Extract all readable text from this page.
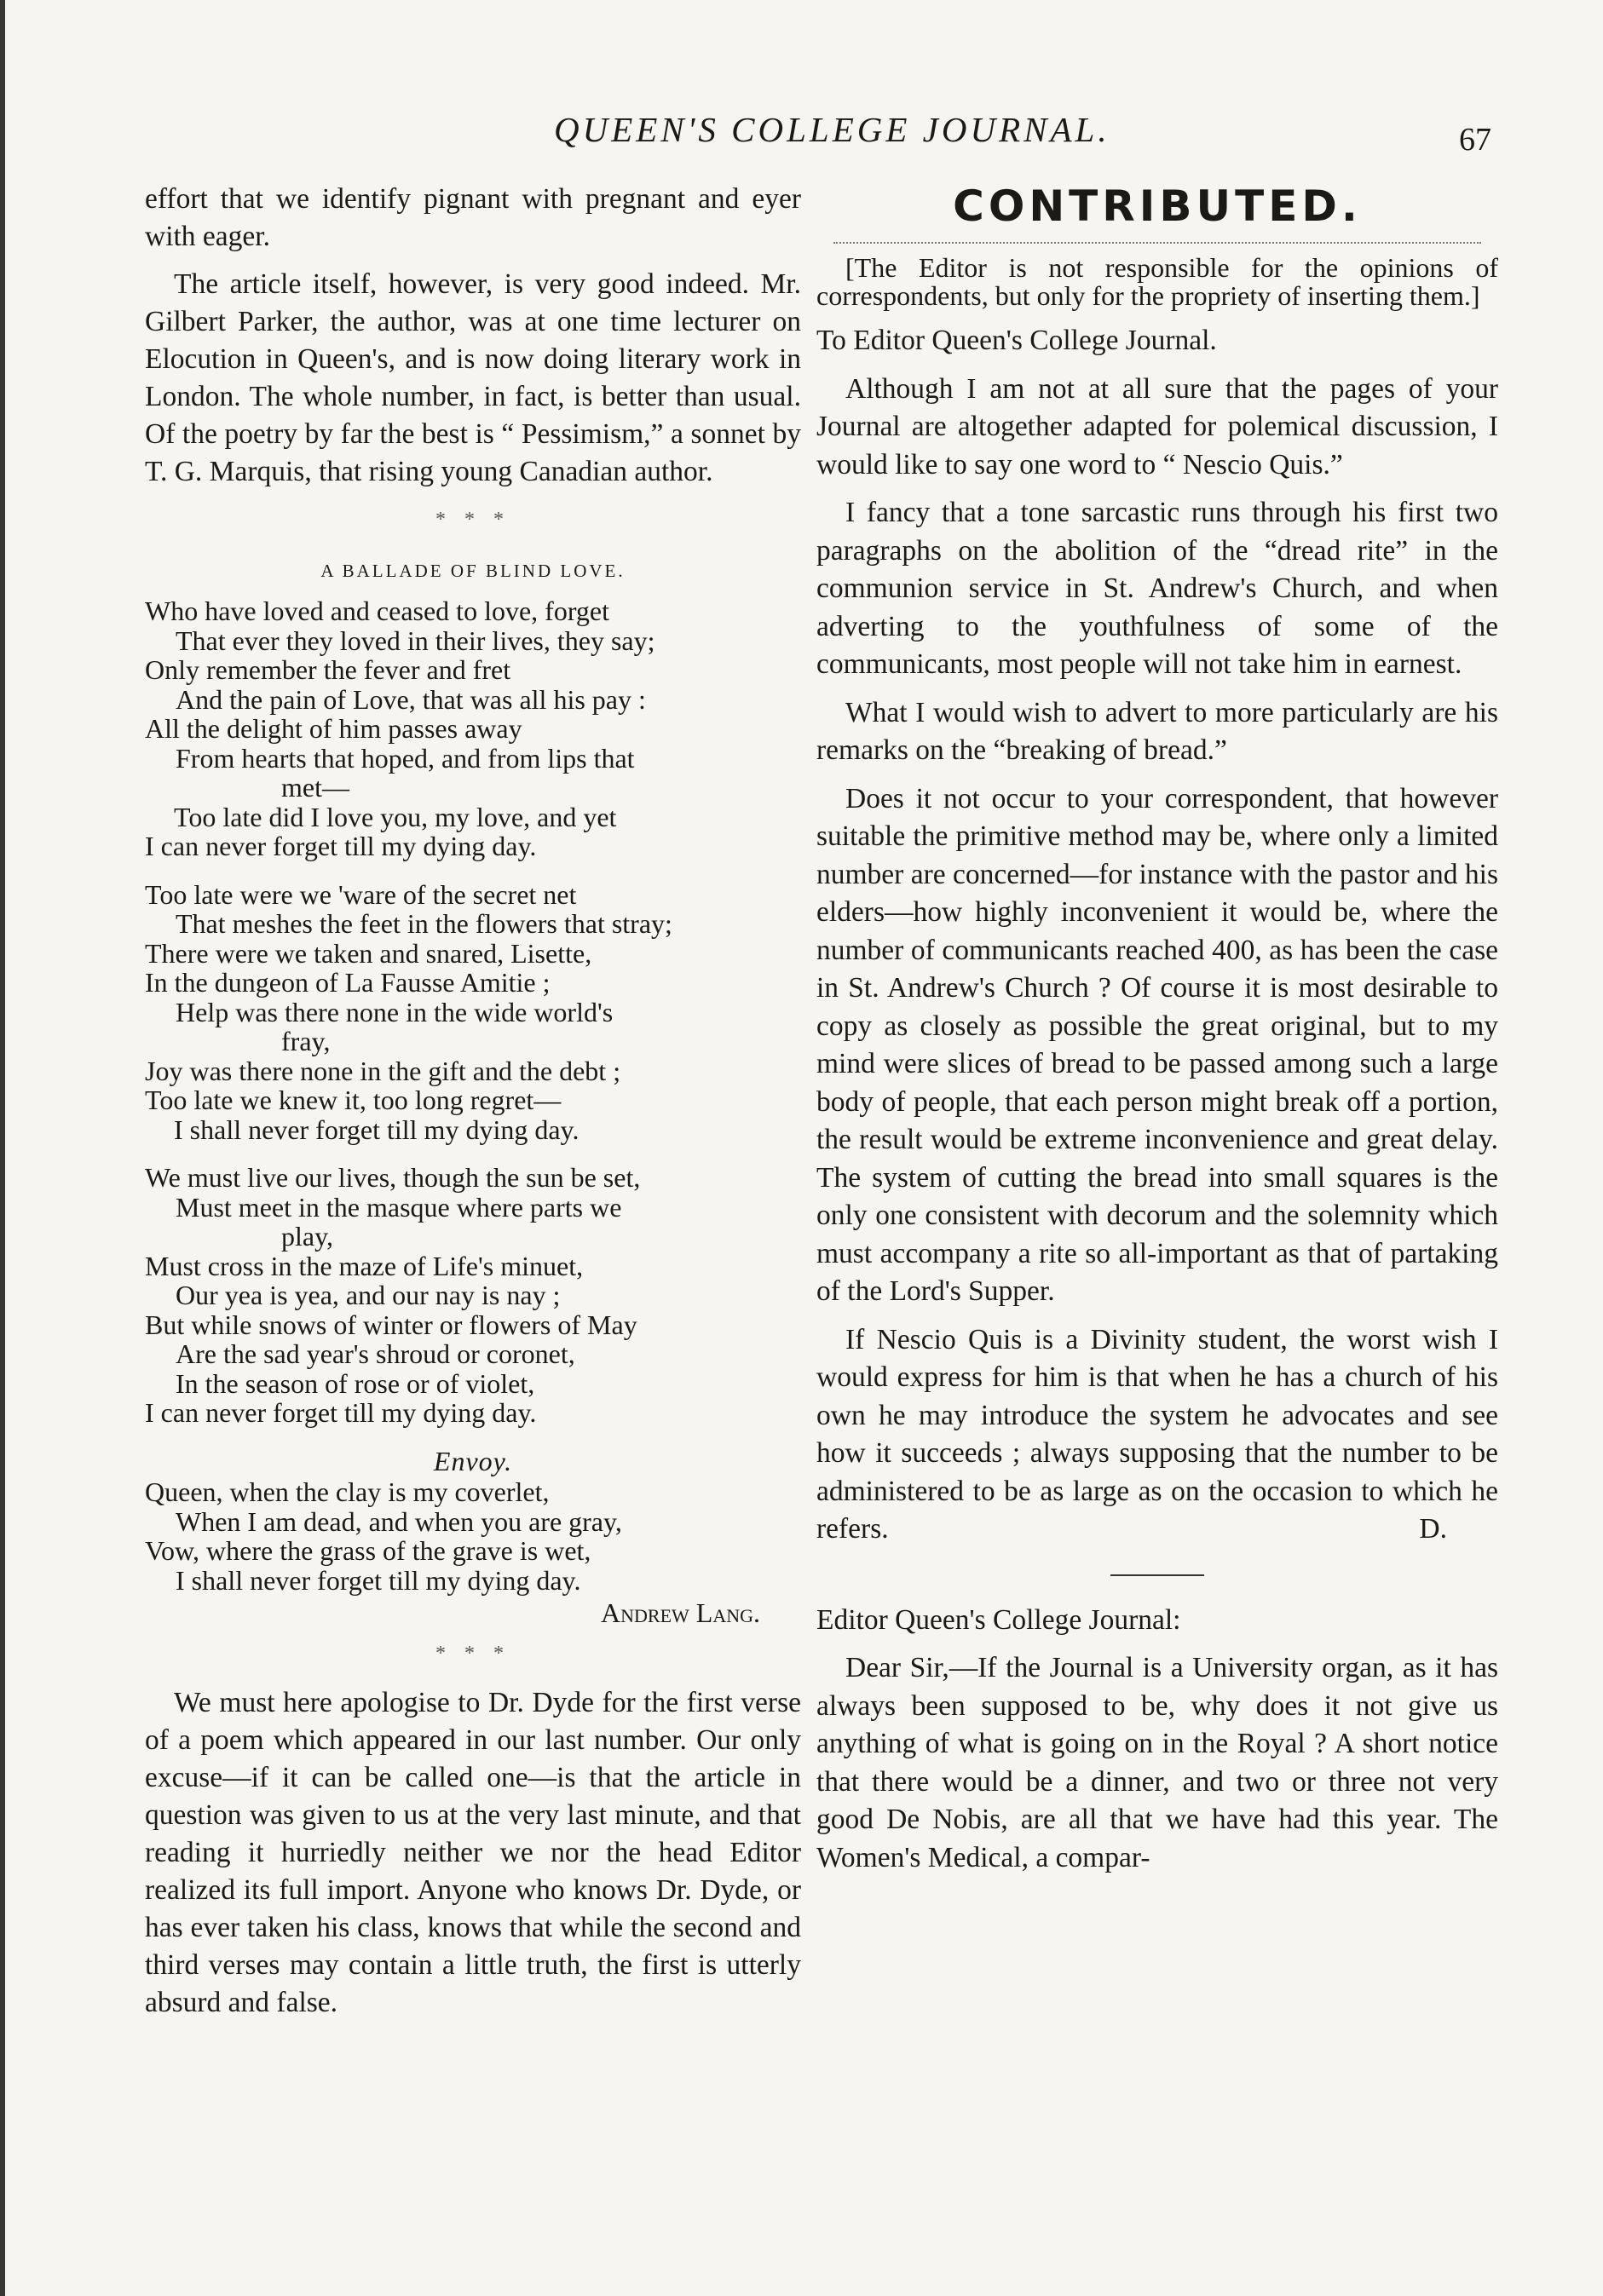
QUEEN'S COLLEGE JOURNAL.	67

effort that we identify pignant with pregnant and eyer with eager.

The article itself, however, is very good indeed. Mr. Gilbert Parker, the author, was at one time lecturer on Elocution in Queen's, and is now doing literary work in London. The whole number, in fact, is better than usual. Of the poetry by far the best is “ Pessimism,” a sonnet by T. G. Marquis, that rising young Canadian author.

* * *
A BALLADE OF BLIND LOVE.
Who have loved and ceased to love, forget
That ever they loved in their lives, they say;
Only remember the fever and fret
And the pain of Love, that was all his pay :
All the delight of him passes away
From hearts that hoped, and from lips that
met—
Too late did I love you, my love, and yet
I can never forget till my dying day.
Too late were we 'ware of the secret net
That meshes the feet in the flowers that stray;
There were we taken and snared, Lisette,
In the dungeon of La Fausse Amitie ;
Help was there none in the wide world's
fray,
Joy was there none in the gift and the debt ;
Too late we knew it, too long regret—
I shall never forget till my dying day.
We must live our lives, though the sun be set,
Must meet in the masque where parts we
play,
Must cross in the maze of Life's minuet,
Our yea is yea, and our nay is nay ;
But while snows of winter or flowers of May
Are the sad year's shroud or coronet,
In the season of rose or of violet,
I can never forget till my dying day.
Envoy.
Queen, when the clay is my coverlet,
When I am dead, and when you are gray,
Vow, where the grass of the grave is wet,
I shall never forget till my dying day.
Andrew Lang.
* * *

We must here apologise to Dr. Dyde for the first verse of a poem which appeared in our last number. Our only excuse—if it can be called one—is that the article in question was given to us at the very last minute, and that reading it hurriedly neither we nor the head Editor realized its full import. Anyone who knows Dr. Dyde, or has ever taken his class, knows that while the second and third verses may contain a little truth, the first is utterly absurd and false.

CONTRIBUTED.

[The Editor is not responsible for the opinions of correspondents, but only for the propriety of inserting them.]

To Editor Queen's College Journal.

Although I am not at all sure that the pages of your Journal are altogether adapted for polemical discussion, I would like to say one word to “ Nescio Quis.”

I fancy that a tone sarcastic runs through his first two paragraphs on the abolition of the “dread rite” in the communion service in St. Andrew's Church, and when adverting to the youthfulness of some of the communicants, most people will not take him in earnest.

What I would wish to advert to more particularly are his remarks on the “breaking of bread.”

Does it not occur to your correspondent, that however suitable the primitive method may be, where only a limited number are concerned—for instance with the pastor and his elders—how highly inconvenient it would be, where the number of communicants reached 400, as has been the case in St. Andrew's Church ? Of course it is most desirable to copy as closely as possible the great original, but to my mind were slices of bread to be passed among such a large body of people, that each person might break off a portion, the result would be extreme inconvenience and great delay. The system of cutting the bread into small squares is the only one consistent with decorum and the solemnity which must accompany a rite so all-important as that of partaking of the Lord's Supper.

If Nescio Quis is a Divinity student, the worst wish I would express for him is that when he has a church of his own he may introduce the system he advocates and see how it succeeds ; always supposing that the number to be administered to be as large as on the occasion to which he refers.	D.

Editor Queen's College Journal:

Dear Sir,—If the Journal is a University organ, as it has always been supposed to be, why does it not give us anything of what is going on in the Royal ? A short notice that there would be a dinner, and two or three not very good De Nobis, are all that we have had this year. The Women's Medical, a compar-
